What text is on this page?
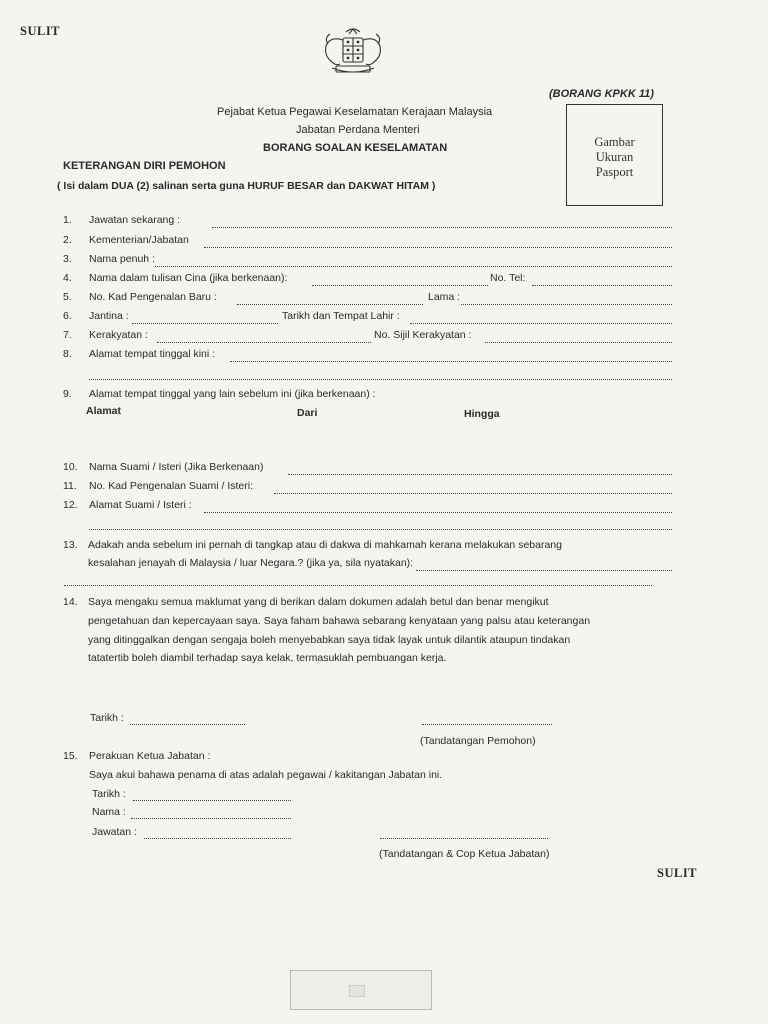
SULIT
(BORANG KPKK 11)
Pejabat Ketua Pegawai Keselamatan Kerajaan Malaysia
Jabatan Perdana Menteri
BORANG SOALAN KESELAMATAN
KETERANGAN DIRI PEMOHON
( Isi dalam DUA (2) salinan serta guna HURUF BESAR dan DAKWAT HITAM )
Gambar
Ukuran
Pasport
1. Jawatan sekarang :
2. Kementerian/Jabatan
3. Nama penuh :
4. Nama dalam tulisan Cina (jika berkenaan):	No. Tel:
5. No. Kad Pengenalan Baru :	Lama :
6. Jantina :	Tarikh dan Tempat Lahir :
7. Kerakyatan :	No. Sijil Kerakyatan :
8. Alamat tempat tinggal kini :
9. Alamat tempat tinggal yang lain sebelum ini (jika berkenaan) :
Alamat	Dari	Hingga
10. Nama Suami / Isteri (Jika Berkenaan)
11. No. Kad Pengenalan Suami / Isteri:
12. Alamat Suami / Isteri :
13. Adakah anda sebelum ini pernah di tangkap atau di dakwa di mahkamah kerana melakukan sebarang
kesalahan jenayah di Malaysia / luar Negara.? (jika ya, sila nyatakan):
14. Saya mengaku semua maklumat yang di berikan dalam dokumen adalah betul dan benar mengikut
pengetahuan dan kepercayaan saya. Saya faham bahawa sebarang kenyataan yang palsu atau keterangan
yang ditinggalkan dengan sengaja boleh menyebabkan saya tidak layak untuk dilantik ataupun tindakan
tatatertib boleh diambil terhadap saya kelak, termasuklah pembuangan kerja.
Tarikh :
(Tandatangan Pemohon)
15. Perakuan Ketua Jabatan :
Saya akui bahawa penama di atas adalah pegawai / kakitangan Jabatan ini.
Tarikh :
Nama :
Jawatan :
(Tandatangan & Cop Ketua Jabatan)
SULIT
